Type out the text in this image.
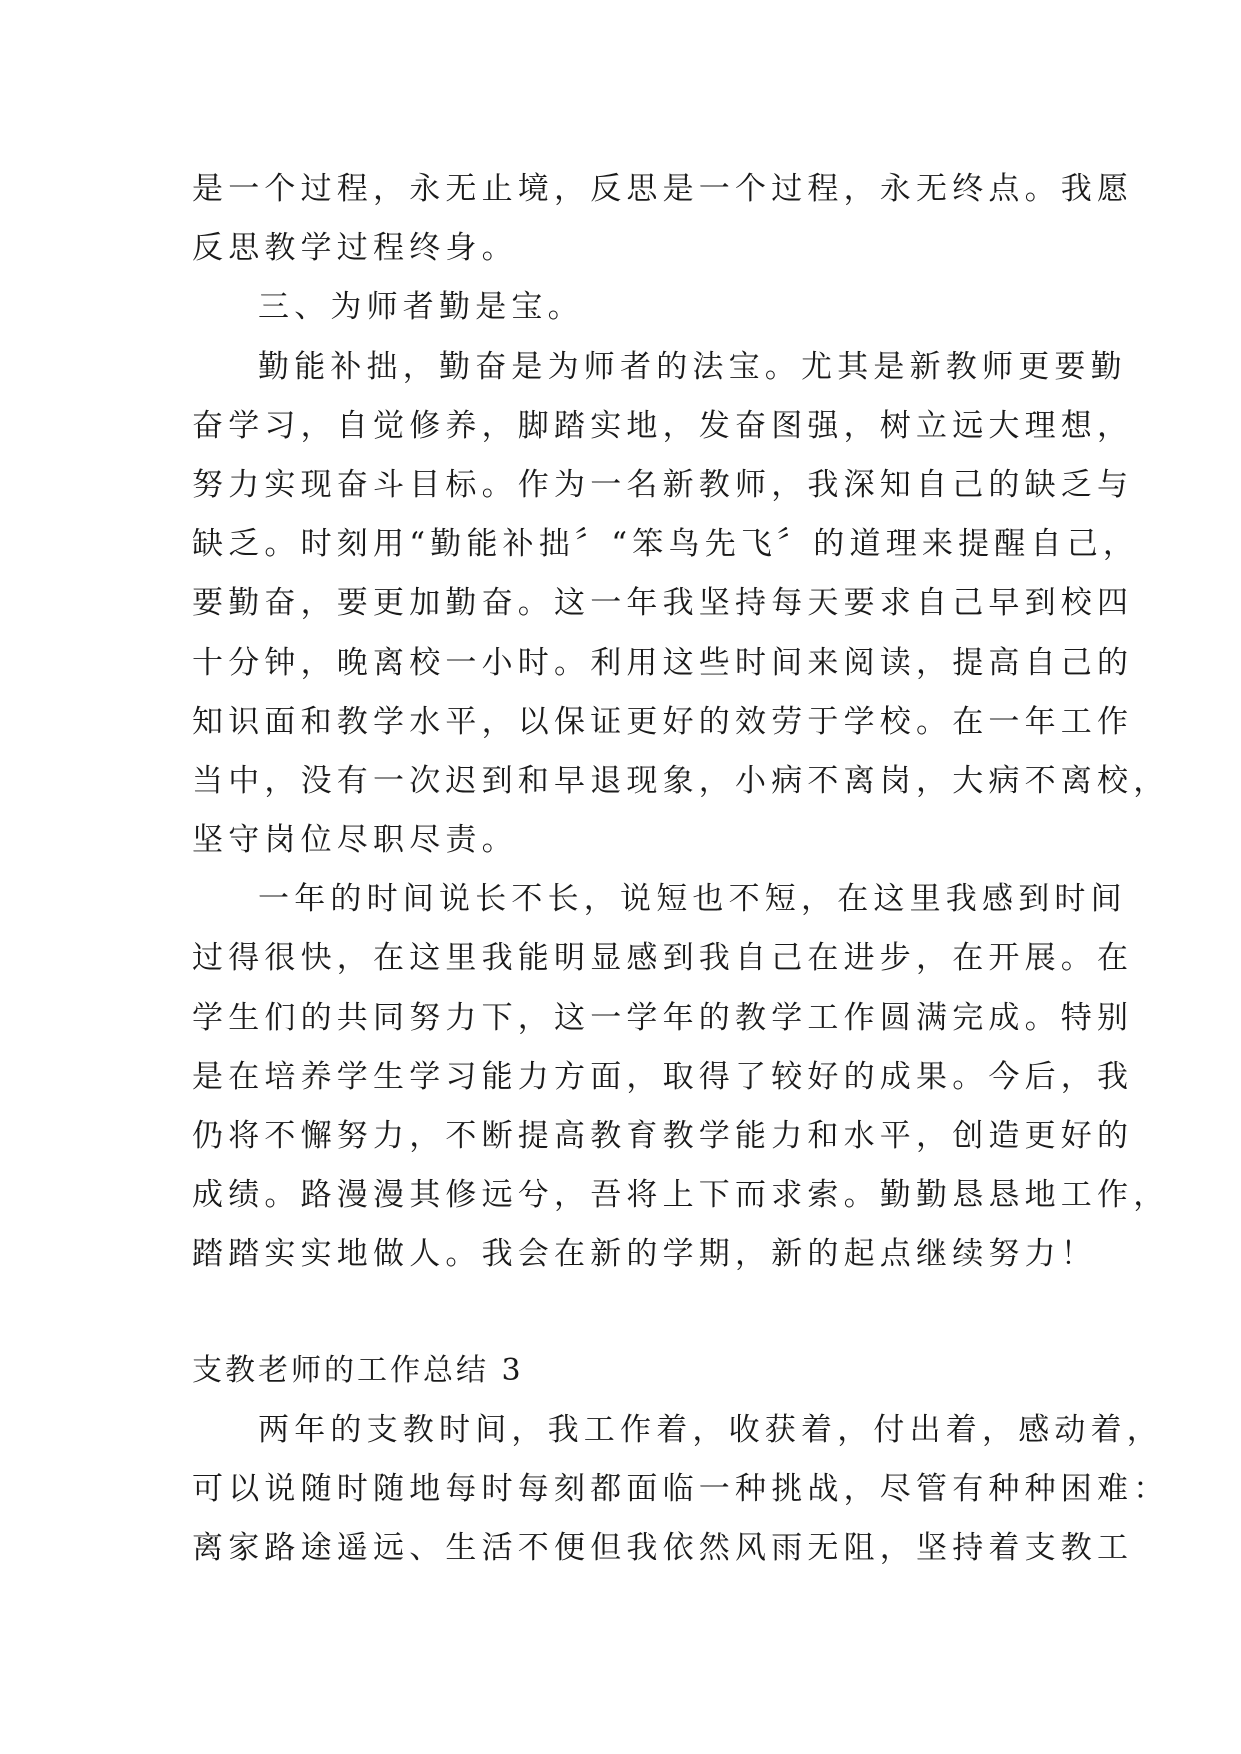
是一个过程，永无止境，反思是一个过程，永无终点。我愿
反思教学过程终身。
三、为师者勤是宝。
勤能补拙，勤奋是为师者的法宝。尤其是新教师更要勤
奋学习，自觉修养，脚踏实地，发奋图强，树立远大理想，
努力实现奋斗目标。作为一名新教师，我深知自己的缺乏与
缺乏。时刻用“勤能补拙〞“笨鸟先飞〞的道理来提醒自己，
要勤奋，要更加勤奋。这一年我坚持每天要求自己早到校四
十分钟，晚离校一小时。利用这些时间来阅读，提高自己的
知识面和教学水平，以保证更好的效劳于学校。在一年工作
当中，没有一次迟到和早退现象，小病不离岗，大病不离校，
坚守岗位尽职尽责。
一年的时间说长不长，说短也不短，在这里我感到时间
过得很快，在这里我能明显感到我自己在进步，在开展。在
学生们的共同努力下，这一学年的教学工作圆满完成。特别
是在培养学生学习能力方面，取得了较好的成果。今后，我
仍将不懈努力，不断提高教育教学能力和水平，创造更好的
成绩。路漫漫其修远兮，吾将上下而求索。勤勤恳恳地工作，
踏踏实实地做人。我会在新的学期，新的起点继续努力！
支教老师的工作总结 3
两年的支教时间，我工作着，收获着，付出着，感动着，
可以说随时随地每时每刻都面临一种挑战，尽管有种种困难：
离家路途遥远、生活不便但我依然风雨无阻，坚持着支教工
